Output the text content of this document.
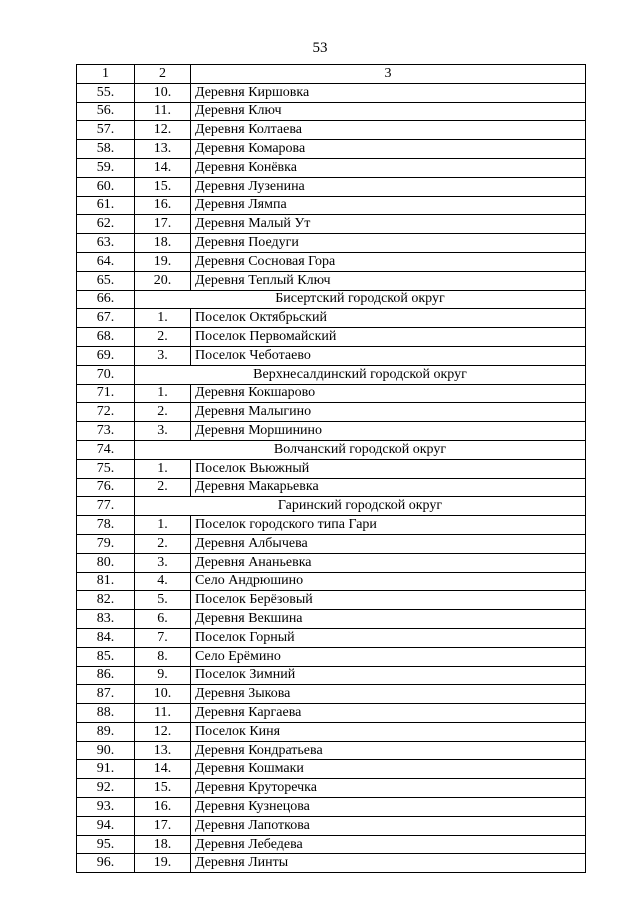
53
1	2	3
55.	10.	Деревня Киршовка
56.	11.	Деревня Ключ
57.	12.	Деревня Колтаева
58.	13.	Деревня Комарова
59.	14.	Деревня Конёвка
60.	15.	Деревня Лузенина
61.	16.	Деревня Лямпа
62.	17.	Деревня Малый Ут
63.	18.	Деревня Поедуги
64.	19.	Деревня Сосновая Гора
65.	20.	Деревня Теплый Ключ
66.	Бисертский городской округ	
67.	1.	Поселок Октябрьский
68.	2.	Поселок Первомайский
69.	3.	Поселок Чеботаево
70.	Верхнесалдинский городской округ	
71.	1.	Деревня Кокшарово
72.	2.	Деревня Малыгино
73.	3.	Деревня Моршинино
74.	Волчанский городской округ	
75.	1.	Поселок Вьюжный
76.	2.	Деревня Макарьевка
77.	Гаринский городской округ	
78.	1.	Поселок городского типа Гари
79.	2.	Деревня Албычева
80.	3.	Деревня Ананьевка
81.	4.	Село Андрюшино
82.	5.	Поселок Берёзовый
83.	6.	Деревня Векшина
84.	7.	Поселок Горный
85.	8.	Село Ерёмино
86.	9.	Поселок Зимний
87.	10.	Деревня Зыкова
88.	11.	Деревня Каргаева
89.	12.	Поселок Киня
90.	13.	Деревня Кондратьева
91.	14.	Деревня Кошмаки
92.	15.	Деревня Круторечка
93.	16.	Деревня Кузнецова
94.	17.	Деревня Лапоткова
95.	18.	Деревня Лебедева
96.	19.	Деревня Линты
